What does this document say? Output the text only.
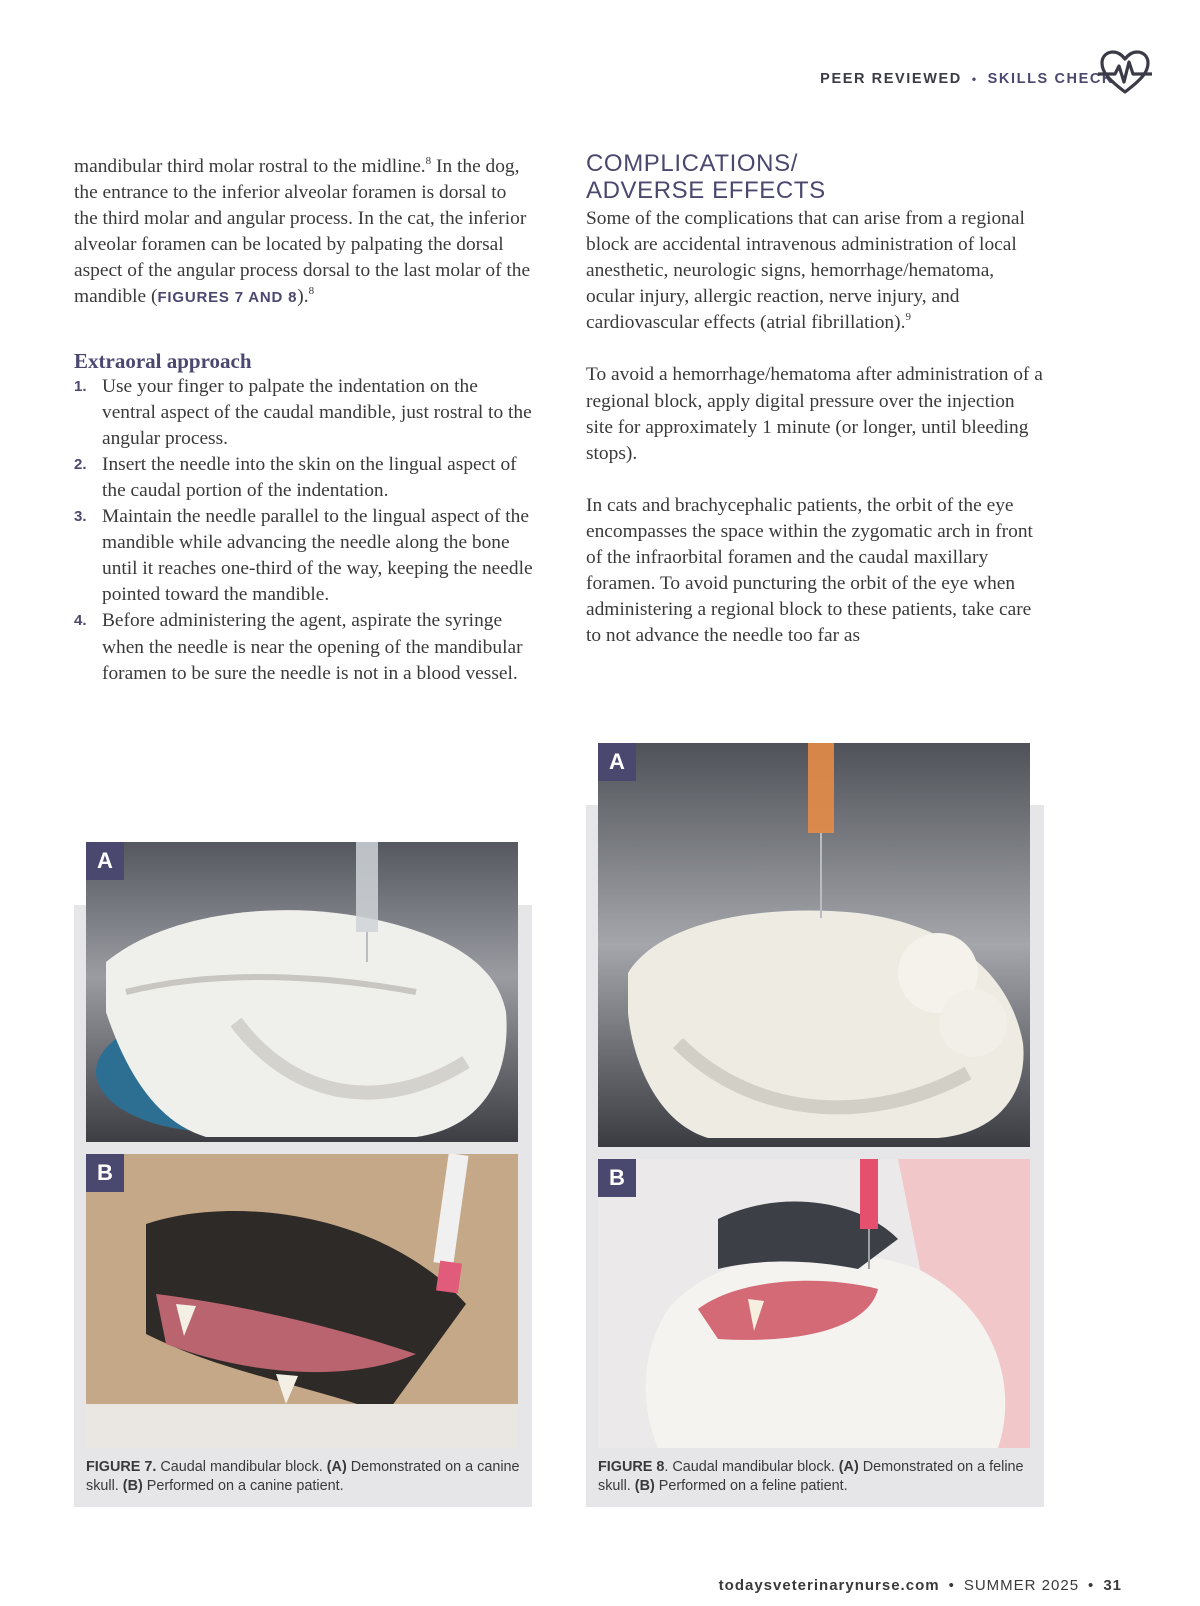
PEER REVIEWED • SKILLS CHECK

mandibular third molar rostral to the midline.$^8$ In the dog, the entrance to the inferior alveolar foramen is dorsal to the third molar and angular process. In the cat, the inferior alveolar foramen can be located by palpating the dorsal aspect of the angular process dorsal to the last molar of the mandible (FIGURES 7 AND 8).$^8$

Extraoral approach
1. Use your finger to palpate the indentation on the ventral aspect of the caudal mandible, just rostral to the angular process.
2. Insert the needle into the skin on the lingual aspect of the caudal portion of the indentation.
3. Maintain the needle parallel to the lingual aspect of the mandible while advancing the needle along the bone until it reaches one-third of the way, keeping the needle pointed toward the mandible.
4. Before administering the agent, aspirate the syringe when the needle is near the opening of the mandibular foramen to be sure the needle is not in a blood vessel.
COMPLICATIONS/
ADVERSE EFFECTS

Some of the complications that can arise from a regional block are accidental intravenous administration of local anesthetic, neurologic signs, hemorrhage/hematoma, ocular injury, allergic reaction, nerve injury, and cardiovascular effects (atrial fibrillation).$^9$

To avoid a hemorrhage/hematoma after administration of a regional block, apply digital pressure over the injection site for approximately 1 minute (or longer, until bleeding stops).

In cats and brachycephalic patients, the orbit of the eye encompasses the space within the zygomatic arch in front of the infraorbital foramen and the caudal maxillary foramen. To avoid puncturing the orbit of the eye when administering a regional block to these patients, take care to not advance the needle too far as

A
B
FIGURE 7. Caudal mandibular block. (A) Demonstrated on a canine skull. (B) Performed on a canine patient.
A
B
FIGURE 8. Caudal mandibular block. (A) Demonstrated on a feline skull. (B) Performed on a feline patient.
todaysveterinarynurse.com • SUMMER 2025 • 31
